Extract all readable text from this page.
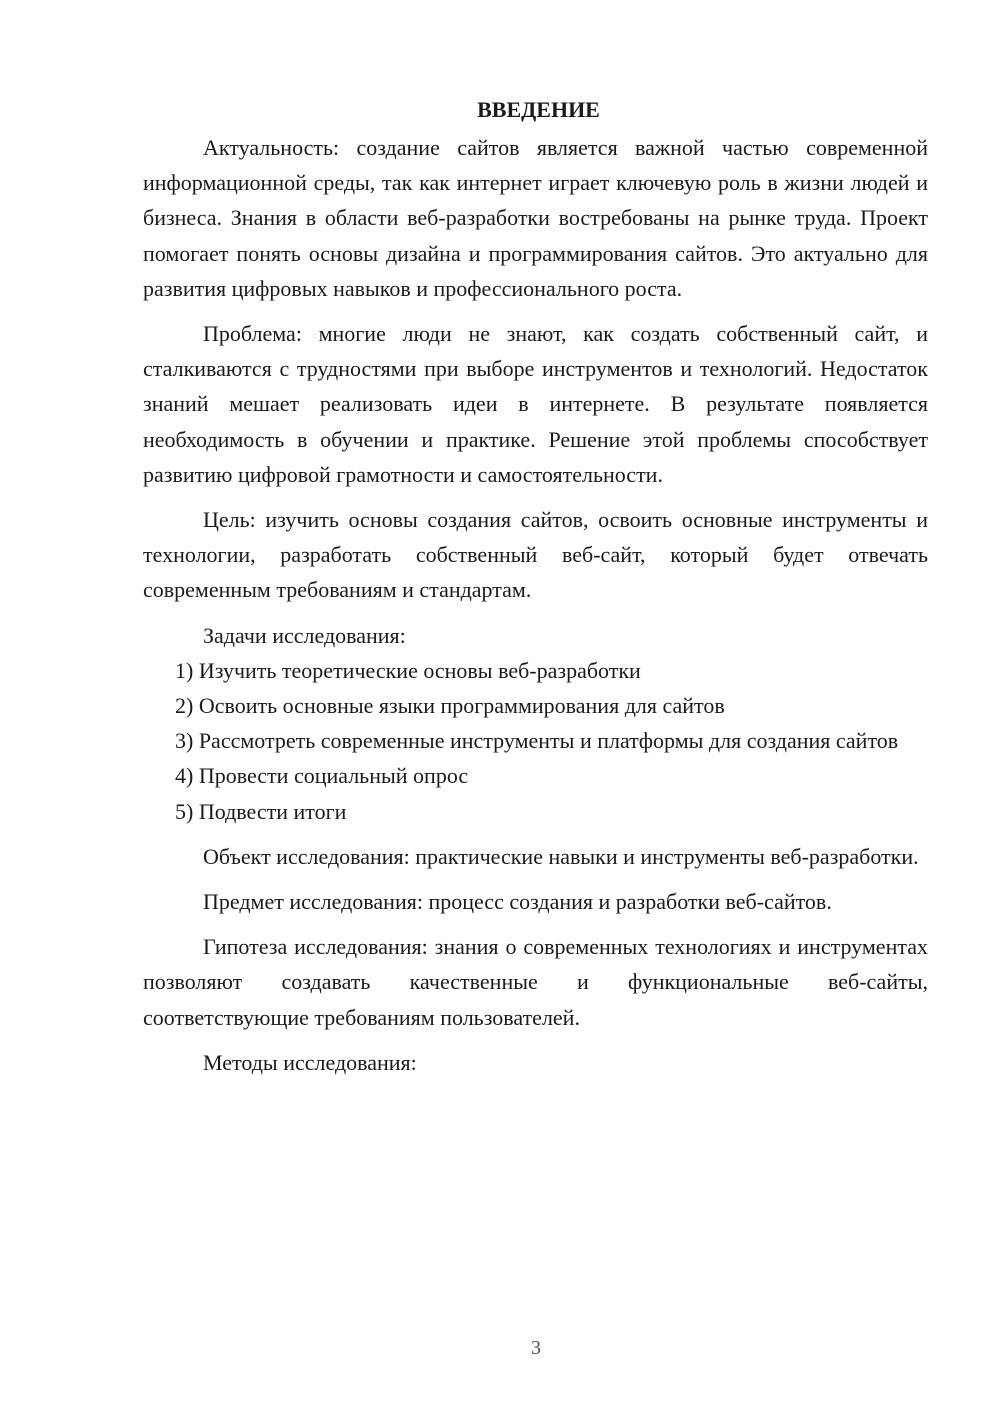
ВВЕДЕНИЕ

Актуальность: создание сайтов является важной частью современной информационной среды, так как интернет играет ключевую роль в жизни людей и бизнеса. Знания в области веб-разработки востребованы на рынке труда. Проект помогает понять основы дизайна и программирования сайтов. Это актуально для развития цифровых навыков и профессионального роста.

Проблема: многие люди не знают, как создать собственный сайт, и сталкиваются с трудностями при выборе инструментов и технологий. Недостаток знаний мешает реализовать идеи в интернете. В результате появляется необходимость в обучении и практике. Решение этой проблемы способствует развитию цифровой грамотности и самостоятельности.

Цель: изучить основы создания сайтов, освоить основные инструменты и технологии, разработать собственный веб-сайт, который будет отвечать современным требованиям и стандартам.

Задачи исследования:

1) Изучить теоретические основы веб-разработки

2) Освоить основные языки программирования для сайтов

3) Рассмотреть современные инструменты и платформы для создания сайтов

4) Провести социальный опрос

5) Подвести итоги

Объект исследования: практические навыки и инструменты веб-разработки.

Предмет исследования: процесс создания и разработки веб-сайтов.

Гипотеза исследования: знания о современных технологиях и инструментах позволяют создавать качественные и функциональные веб-сайты, соответствующие требованиям пользователей.

Методы исследования:

3
